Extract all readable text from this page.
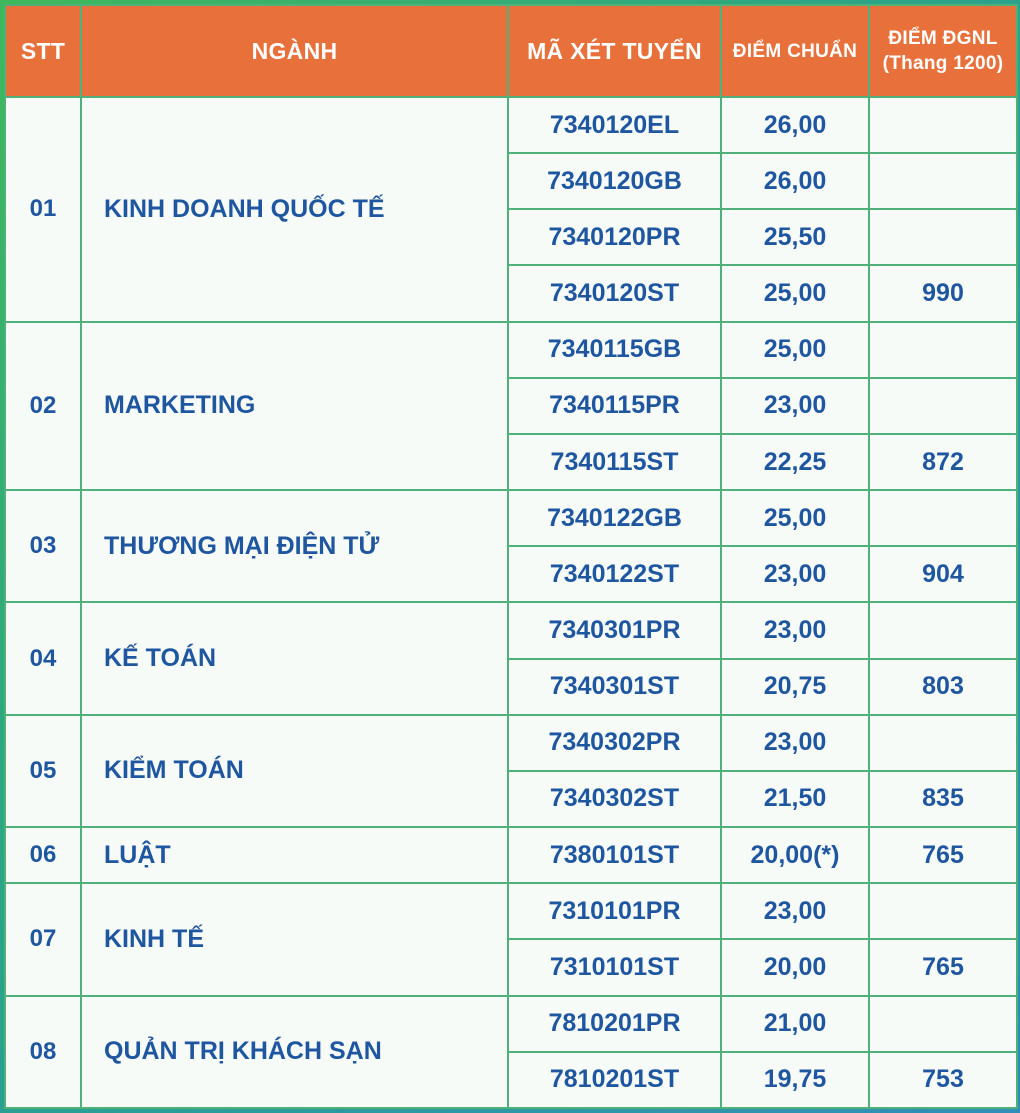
STT	NGÀNH	MÃ XÉT TUYỂN	ĐIỂM CHUẨN	ĐIỂM ĐGNL
(Thang 1200)

01	KINH DOANH QUỐC TẾ	7340120EL	26,00	
		7340120GB	26,00	
		7340120PR	25,50	
		7340120ST	25,00	990
02	MARKETING	7340115GB	25,00	
		7340115PR	23,00	
		7340115ST	22,25	872
03	THƯƠNG MẠI ĐIỆN TỬ	7340122GB	25,00	
		7340122ST	23,00	904
04	KẾ TOÁN	7340301PR	23,00	
		7340301ST	20,75	803
05	KIỂM TOÁN	7340302PR	23,00	
		7340302ST	21,50	835
06	LUẬT	7380101ST	20,00(*)	765
07	KINH TẾ	7310101PR	23,00	
		7310101ST	20,00	765
08	QUẢN TRỊ KHÁCH SẠN	7810201PR	21,00	
		7810201ST	19,75	753
